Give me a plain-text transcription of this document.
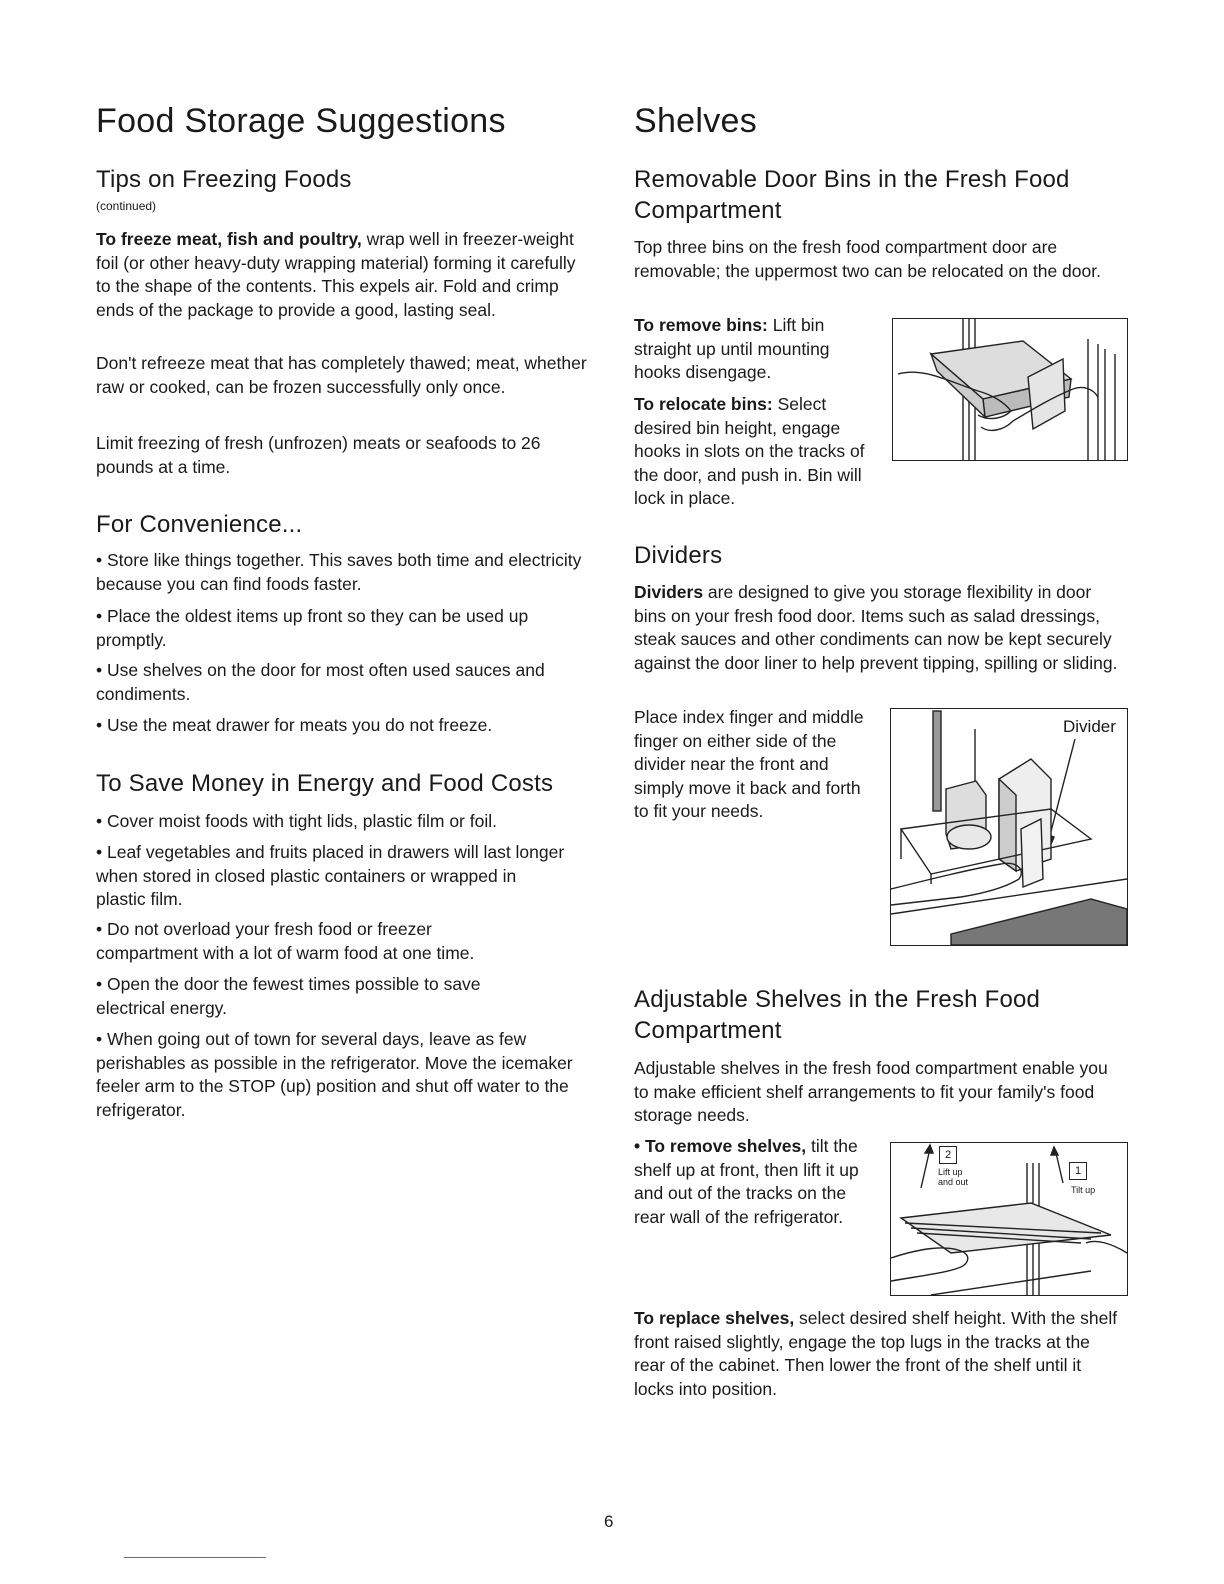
Food Storage Suggestions
Tips on Freezing Foods
(continued)

To freeze meat, fish and poultry, wrap well in freezer-weight foil (or other heavy-duty wrapping material) forming it carefully to the shape of the contents. This expels air. Fold and crimp ends of the package to provide a good, lasting seal.

Don't refreeze meat that has completely thawed; meat, whether raw or cooked, can be frozen successfully only once.

Limit freezing of fresh (unfrozen) meats or seafoods to 26 pounds at a time.

For Convenience...

• Store like things together. This saves both time and electricity because you can find foods faster.

• Place the oldest items up front so they can be used up promptly.

• Use shelves on the door for most often used sauces and condiments.

• Use the meat drawer for meats you do not freeze.

To Save Money in Energy and Food Costs

• Cover moist foods with tight lids, plastic film or foil.

• Leaf vegetables and fruits placed in drawers will last longer when stored in closed plastic containers or wrapped in plastic film.

• Do not overload your fresh food or freezer compartment with a lot of warm food at one time.

• Open the door the fewest times possible to save electrical energy.

• When going out of town for several days, leave as few perishables as possible in the refrigerator. Move the icemaker feeler arm to the STOP (up) position and shut off water to the refrigerator.

Shelves
Removable Door Bins in the Fresh Food Compartment

Top three bins on the fresh food compartment door are removable; the uppermost two can be relocated on the door.

To remove bins: Lift bin straight up until mounting hooks disengage.

To relocate bins: Select desired bin height, engage hooks in slots on the tracks of the door, and push in. Bin will lock in place.

Dividers

Dividers are designed to give you storage flexibility in door bins on your fresh food door. Items such as salad dressings, steak sauces and other condiments can now be kept securely against the door liner to help prevent tipping, spilling or sliding.

Place index finger and middle finger on either side of the divider near the front and simply move it back and forth to fit your needs.

Divider
Adjustable Shelves in the Fresh Food Compartment

Adjustable shelves in the fresh food compartment enable you to make efficient shelf arrangements to fit your family's food storage needs.

• To remove shelves, tilt the shelf up at front, then lift it up and out of the tracks on the rear wall of the refrigerator.

2
Lift up
and out
1
Tilt up

To replace shelves, select desired shelf height. With the shelf front raised slightly, engage the top lugs in the tracks at the rear of the cabinet. Then lower the front of the shelf until it locks into position.

6
